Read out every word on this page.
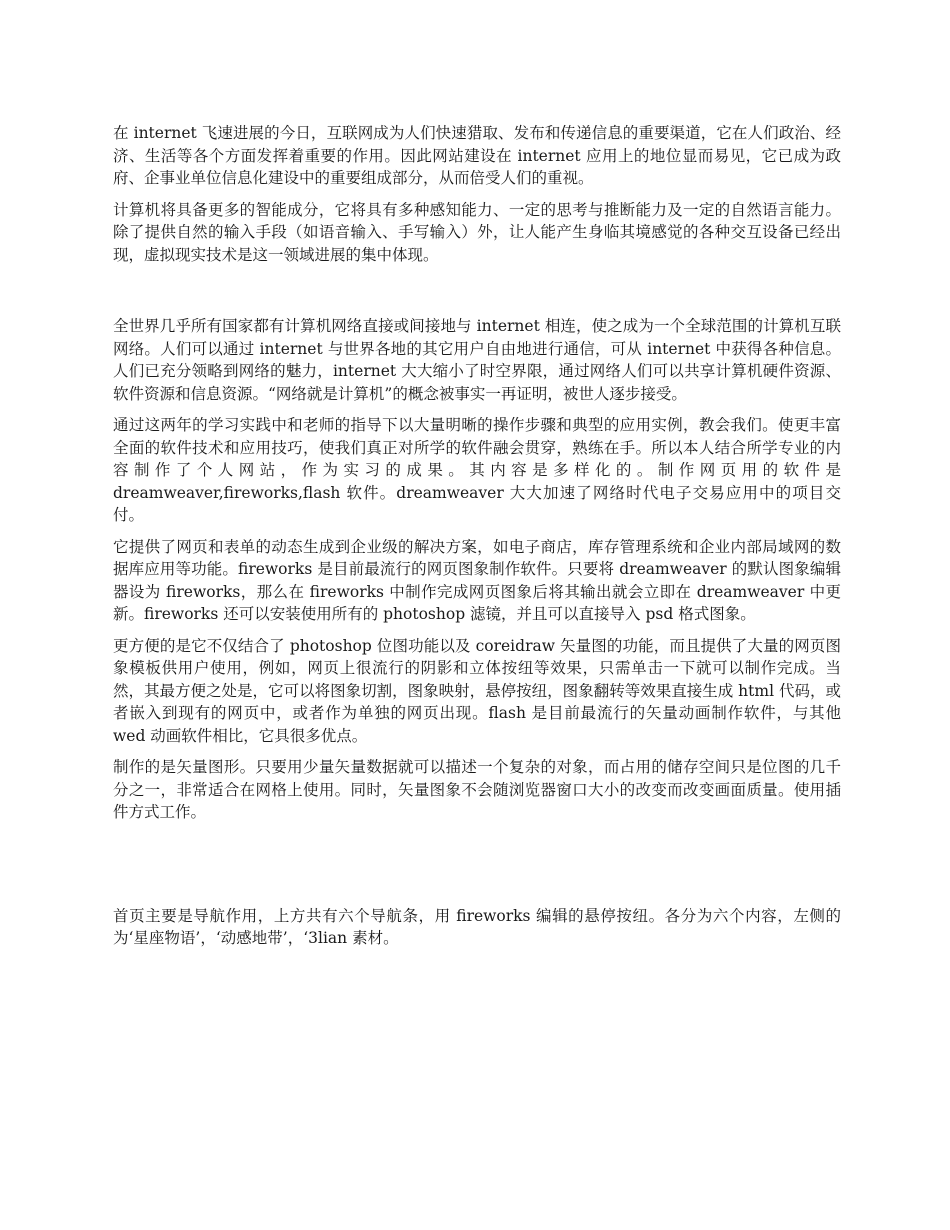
在 internet 飞速进展的今日，互联网成为人们快速猎取、发布和传递信息的重要渠道，它在人们政治、经济、生活等各个方面发挥着重要的作用。因此网站建设在 internet 应用上的地位显而易见，它已成为政府、企事业单位信息化建设中的重要组成部分，从而倍受人们的重视。

计算机将具备更多的智能成分，它将具有多种感知能力、一定的思考与推断能力及一定的自然语言能力。除了提供自然的输入手段（如语音输入、手写输入）外，让人能产生身临其境感觉的各种交互设备已经出现，虚拟现实技术是这一领域进展的集中体现。

全世界几乎所有国家都有计算机网络直接或间接地与 internet 相连，使之成为一个全球范围的计算机互联网络。人们可以通过 internet 与世界各地的其它用户自由地进行通信，可从 internet 中获得各种信息。人们已充分领略到网络的魅力，internet 大大缩小了时空界限，通过网络人们可以共享计算机硬件资源、软件资源和信息资源。“网络就是计算机”的概念被事实一再证明，被世人逐步接受。

通过这两年的学习实践中和老师的指导下以大量明晰的操作步骤和典型的应用实例，教会我们。使更丰富全面的软件技术和应用技巧，使我们真正对所学的软件融会贯穿，熟练在手。所以本人结合所学专业的内容制作了个人网站，作为实习的成果。其内容是多样化的。制作网页用的软件是 dreamweaver,fireworks,flash 软件。dreamweaver 大大加速了网络时代电子交易应用中的项目交付。

它提供了网页和表单的动态生成到企业级的解决方案，如电子商店，库存管理系统和企业内部局域网的数据库应用等功能。fireworks 是目前最流行的网页图象制作软件。只要将 dreamweaver 的默认图象编辑器设为 fireworks，那么在 fireworks 中制作完成网页图象后将其输出就会立即在 dreamweaver 中更新。fireworks 还可以安装使用所有的 photoshop 滤镜，并且可以直接导入 psd 格式图象。

更方便的是它不仅结合了 photoshop 位图功能以及 coreidraw 矢量图的功能，而且提供了大量的网页图象模板供用户使用，例如，网页上很流行的阴影和立体按纽等效果，只需单击一下就可以制作完成。当然，其最方便之处是，它可以将图象切割，图象映射，悬停按纽，图象翻转等效果直接生成 html 代码，或者嵌入到现有的网页中，或者作为单独的网页出现。flash 是目前最流行的矢量动画制作软件，与其他 wed 动画软件相比，它具很多优点。

制作的是矢量图形。只要用少量矢量数据就可以描述一个复杂的对象，而占用的储存空间只是位图的几千分之一，非常适合在网格上使用。同时，矢量图象不会随浏览器窗口大小的改变而改变画面质量。使用插件方式工作。

首页主要是导航作用，上方共有六个导航条，用 fireworks 编辑的悬停按纽。各分为六个内容，左侧的为‘星座物语’，‘动感地带’，‘3lian 素材。
